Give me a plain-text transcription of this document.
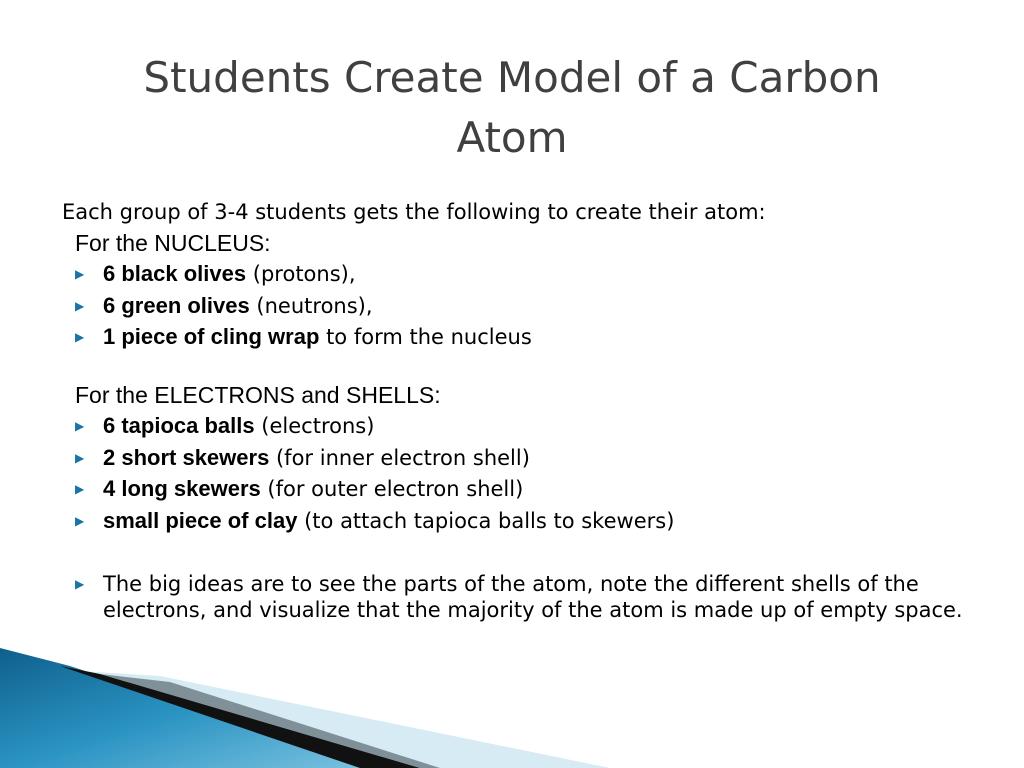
Students Create Model of a Carbon Atom
Each group of 3-4 students gets the following to create their atom:
For the NUCLEUS:
▶ 6 black olives (protons),
▶ 6 green olives (neutrons),
▶ 1 piece of cling wrap to form the nucleus
For the ELECTRONS and SHELLS:
▶ 6 tapioca balls (electrons)
▶ 2 short skewers (for inner electron shell)
▶ 4 long skewers (for outer electron shell)
▶ small piece of clay (to attach tapioca balls to skewers)
▶ The big ideas are to see the parts of the atom, note the different shells of the electrons, and visualize that the majority of the atom is made up of empty space.
